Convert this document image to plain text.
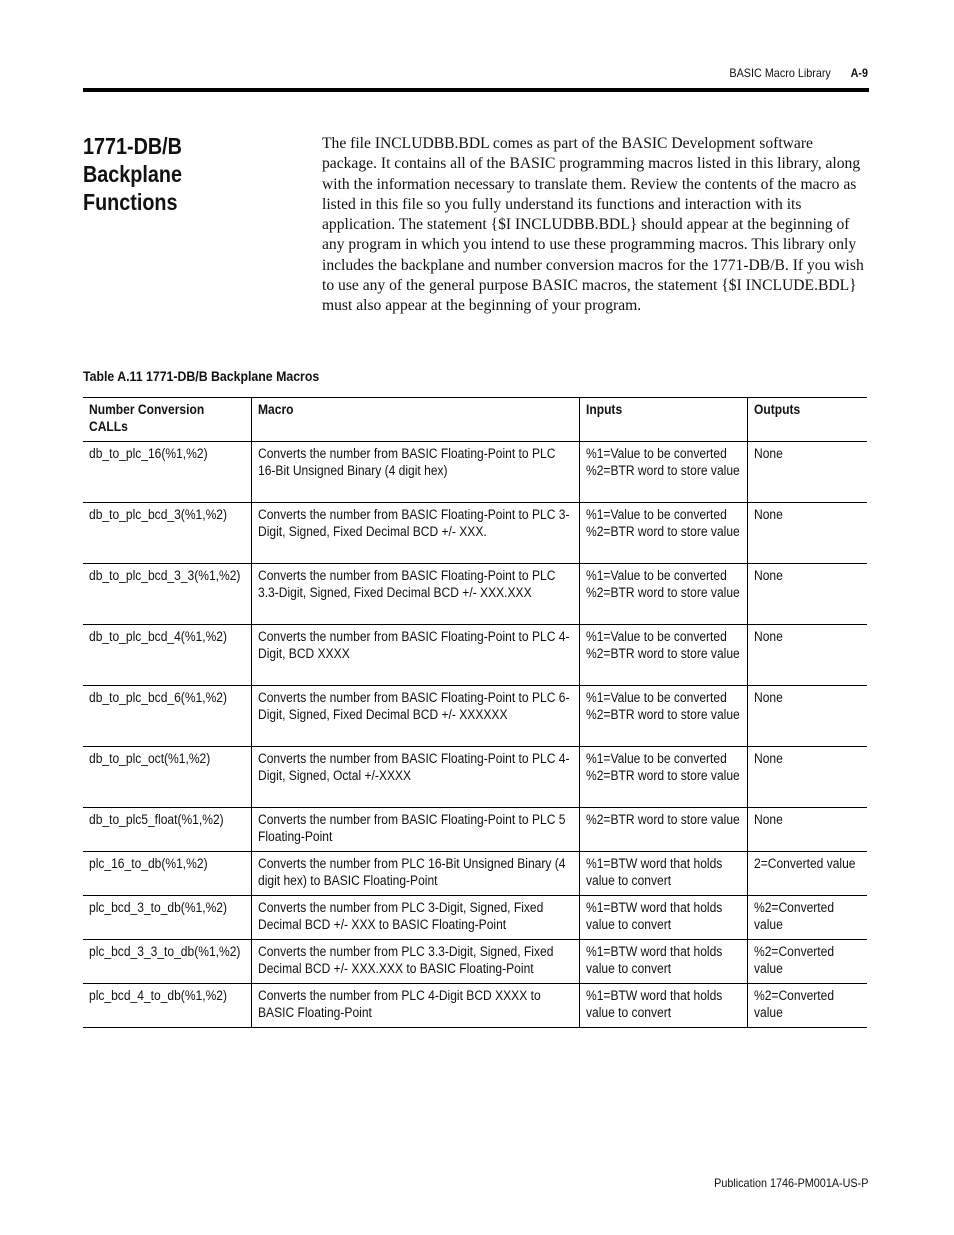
BASIC Macro Library A-9
1771-DB/B Backplane Functions

The file INCLUDBB.BDL comes as part of the BASIC Development software package. It contains all of the BASIC programming macros listed in this library, along with the information necessary to translate them. Review the contents of the macro as listed in this file so you fully understand its functions and interaction with its application. The statement {$I INCLUDBB.BDL} should appear at the beginning of any program in which you intend to use these programming macros. This library only includes the backplane and number conversion macros for the 1771-DB/B. If you wish to use any of the general purpose BASIC macros, the statement {$I INCLUDE.BDL} must also appear at the beginning of your program.

Table A.11 1771-DB/B Backplane Macros
Number Conversion CALLs	Macro	Inputs	Outputs

db_to_plc_16(%1,%2)	Converts the number from BASIC Floating-Point to PLC 16-Bit Unsigned Binary (4 digit hex)	%1=Value to be converted %2=BTR word to store value	None

db_to_plc_bcd_3(%1,%2)	Converts the number from BASIC Floating-Point to PLC 3-Digit, Signed, Fixed Decimal BCD +/- XXX.	%1=Value to be converted %2=BTR word to store value	None

db_to_plc_bcd_3_3(%1,%2)	Converts the number from BASIC Floating-Point to PLC 3.3-Digit, Signed, Fixed Decimal BCD +/- XXX.XXX	%1=Value to be converted %2=BTR word to store value	None

db_to_plc_bcd_4(%1,%2)	Converts the number from BASIC Floating-Point to PLC 4-Digit, BCD XXXX	%1=Value to be converted %2=BTR word to store value	None

db_to_plc_bcd_6(%1,%2)	Converts the number from BASIC Floating-Point to PLC 6-Digit, Signed, Fixed Decimal BCD +/- XXXXXX	%1=Value to be converted %2=BTR word to store value	None

db_to_plc_oct(%1,%2)	Converts the number from BASIC Floating-Point to PLC 4-Digit, Signed, Octal +/-XXXX	%1=Value to be converted %2=BTR word to store value	None

db_to_plc5_float(%1,%2)	Converts the number from BASIC Floating-Point to PLC 5 Floating-Point	%2=BTR word to store value	None

plc_16_to_db(%1,%2)	Converts the number from PLC 16-Bit Unsigned Binary (4 digit hex) to BASIC Floating-Point	%1=BTW word that holds value to convert	2=Converted value

plc_bcd_3_to_db(%1,%2)	Converts the number from PLC 3-Digit, Signed, Fixed Decimal BCD +/- XXX to BASIC Floating-Point	%1=BTW word that holds value to convert	%2=Converted value

plc_bcd_3_3_to_db(%1,%2)	Converts the number from PLC 3.3-Digit, Signed, Fixed Decimal BCD +/- XXX.XXX to BASIC Floating-Point	%1=BTW word that holds value to convert	%2=Converted value

plc_bcd_4_to_db(%1,%2)	Converts the number from PLC 4-Digit BCD XXXX to BASIC Floating-Point	%1=BTW word that holds value to convert	%2=Converted value
Publication 1746-PM001A-US-P
